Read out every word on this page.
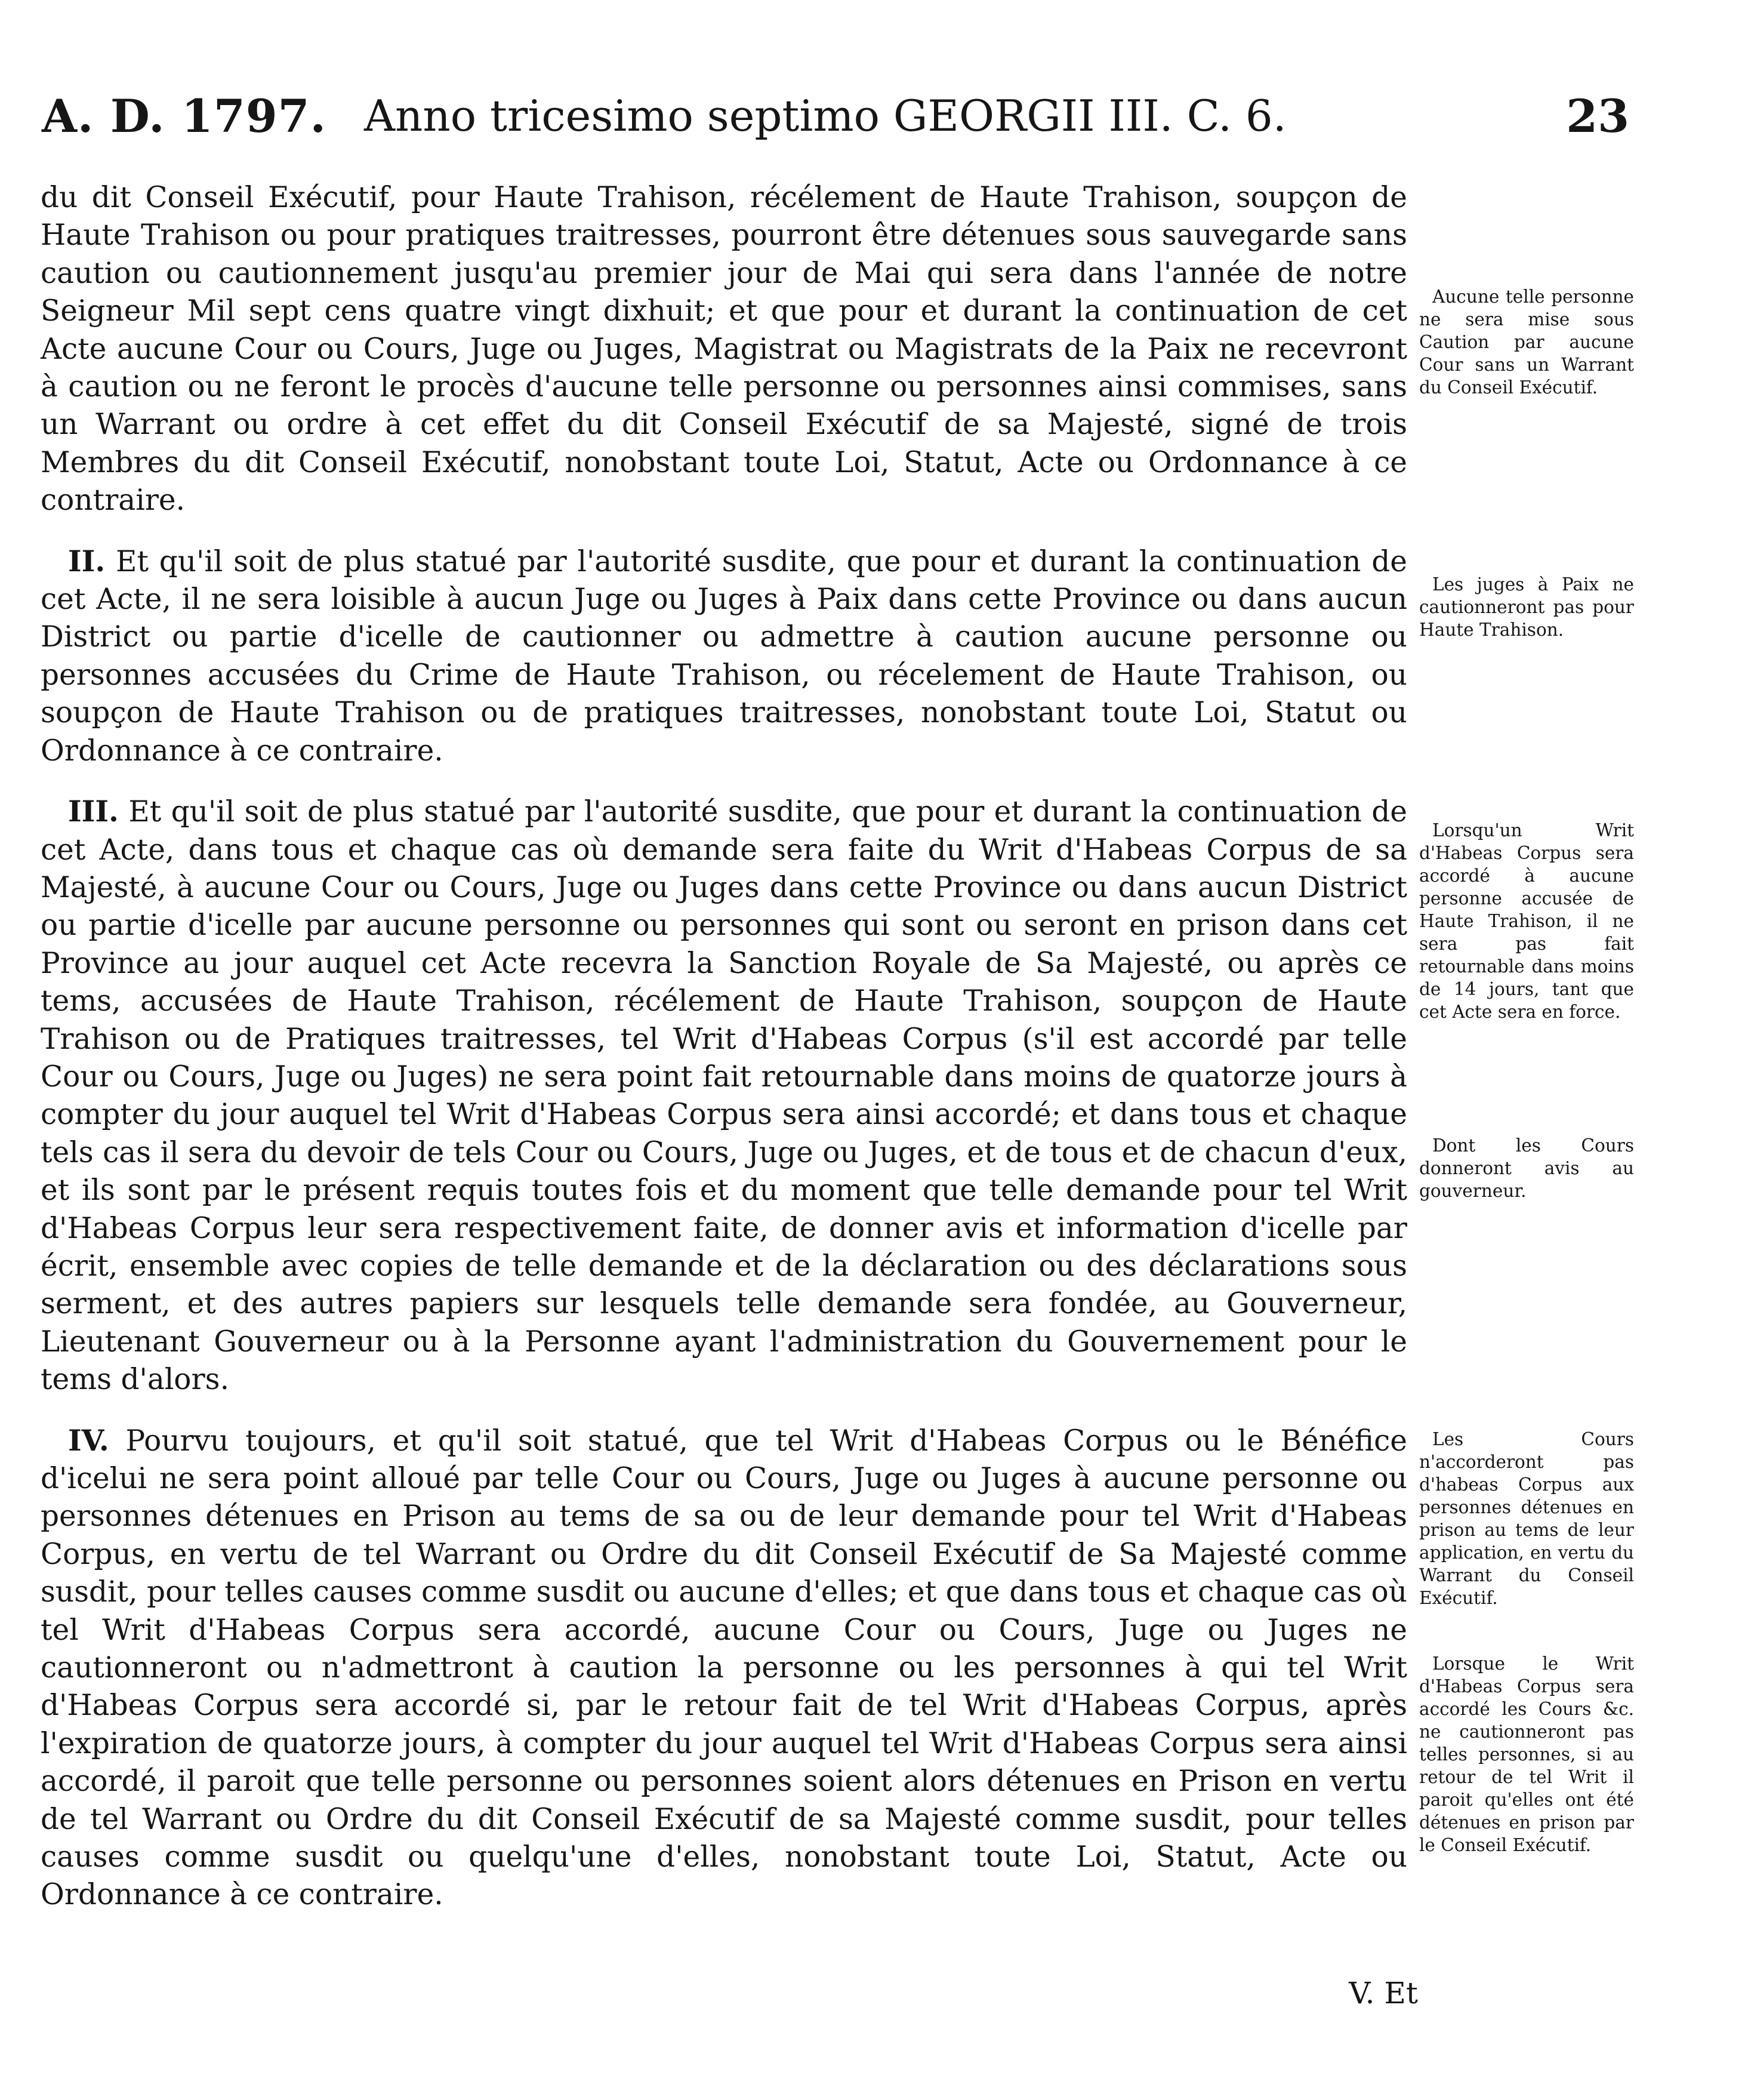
A. D. 1797. Anno tricesimo septimo GEORGII III. C. 6.	23

du dit Conseil Exécutif, pour Haute Trahison, récélement de Haute Trahison, soupçon de Haute Trahison ou pour pratiques traitresses, pourront être détenues sous sauvegarde sans caution ou cautionnement jusqu'au premier jour de Mai qui sera dans l'année de notre Seigneur Mil sept cens quatre vingt dixhuit; et que pour et durant la continuation de cet Acte aucune Cour ou Cours, Juge ou Juges, Magistrat ou Magistrats de la Paix ne recevront à caution ou ne feront le procès d'aucune telle personne ou personnes ainsi commises, sans un Warrant ou ordre à cet effet du dit Conseil Exécutif de sa Majesté, signé de trois Membres du dit Conseil Exécutif, nonobstant toute Loi, Statut, Acte ou Ordonnance à ce contraire.

II. Et qu'il soit de plus statué par l'autorité susdite, que pour et durant la continuation de cet Acte, il ne sera loisible à aucun Juge ou Juges à Paix dans cette Province ou dans aucun District ou partie d'icelle de cautionner ou admettre à caution aucune personne ou personnes accusées du Crime de Haute Trahison, ou récelement de Haute Trahison, ou soupçon de Haute Trahison ou de pratiques traitresses, nonobstant toute Loi, Statut ou Ordonnance à ce contraire.

III. Et qu'il soit de plus statué par l'autorité susdite, que pour et durant la continuation de cet Acte, dans tous et chaque cas où demande sera faite du Writ d'Habeas Corpus de sa Majesté, à aucune Cour ou Cours, Juge ou Juges dans cette Province ou dans aucun District ou partie d'icelle par aucune personne ou personnes qui sont ou seront en prison dans cet Province au jour auquel cet Acte recevra la Sanction Royale de Sa Majesté, ou après ce tems, accusées de Haute Trahison, récélement de Haute Trahison, soupçon de Haute Trahison ou de Pratiques traitresses, tel Writ d'Habeas Corpus (s'il est accordé par telle Cour ou Cours, Juge ou Juges) ne sera point fait retournable dans moins de quatorze jours à compter du jour auquel tel Writ d'Habeas Corpus sera ainsi accordé; et dans tous et chaque tels cas il sera du devoir de tels Cour ou Cours, Juge ou Juges, et de tous et de chacun d'eux, et ils sont par le présent requis toutes fois et du moment que telle demande pour tel Writ d'Habeas Corpus leur sera respectivement faite, de donner avis et information d'icelle par écrit, ensemble avec copies de telle demande et de la déclaration ou des déclarations sous serment, et des autres papiers sur lesquels telle demande sera fondée, au Gouverneur, Lieutenant Gouverneur ou à la Personne ayant l'administration du Gouvernement pour le tems d'alors.

IV. Pourvu toujours, et qu'il soit statué, que tel Writ d'Habeas Corpus ou le Bénéfice d'icelui ne sera point alloué par telle Cour ou Cours, Juge ou Juges à aucune personne ou personnes détenues en Prison au tems de sa ou de leur demande pour tel Writ d'Habeas Corpus, en vertu de tel Warrant ou Ordre du dit Conseil Exécutif de Sa Majesté comme susdit, pour telles causes comme susdit ou aucune d'elles; et que dans tous et chaque cas où tel Writ d'Habeas Corpus sera accordé, aucune Cour ou Cours, Juge ou Juges ne cautionneront ou n'admettront à caution la personne ou les personnes à qui tel Writ d'Habeas Corpus sera accordé si, par le retour fait de tel Writ d'Habeas Corpus, après l'expiration de quatorze jours, à compter du jour auquel tel Writ d'Habeas Corpus sera ainsi accordé, il paroit que telle personne ou personnes soient alors détenues en Prison en vertu de tel Warrant ou Ordre du dit Conseil Exécutif de sa Majesté comme susdit, pour telles causes comme susdit ou quelqu'une d'elles, nonobstant toute Loi, Statut, Acte ou Ordonnance à ce contraire.

Aucune telle personne ne sera mise sous Caution par aucune Cour sans un Warrant du Conseil Exécutif.

Les juges à Paix ne cautionneront pas pour Haute Trahison.

Lorsqu'un Writ d'Habeas Corpus sera accordé à aucune personne accusée de Haute Trahison, il ne sera pas fait retournable dans moins de 14 jours, tant que cet Acte sera en force.

Dont les Cours donneront avis au gouverneur.

Les Cours n'accorderont pas d'habeas Corpus aux personnes détenues en prison au tems de leur application, en vertu du Warrant du Conseil Exécutif.

Lorsque le Writ d'Habeas Corpus sera accordé les Cours &c. ne cautionneront pas telles personnes, si au retour de tel Writ il paroit qu'elles ont été détenues en prison par le Conseil Exécutif.

V. Et
